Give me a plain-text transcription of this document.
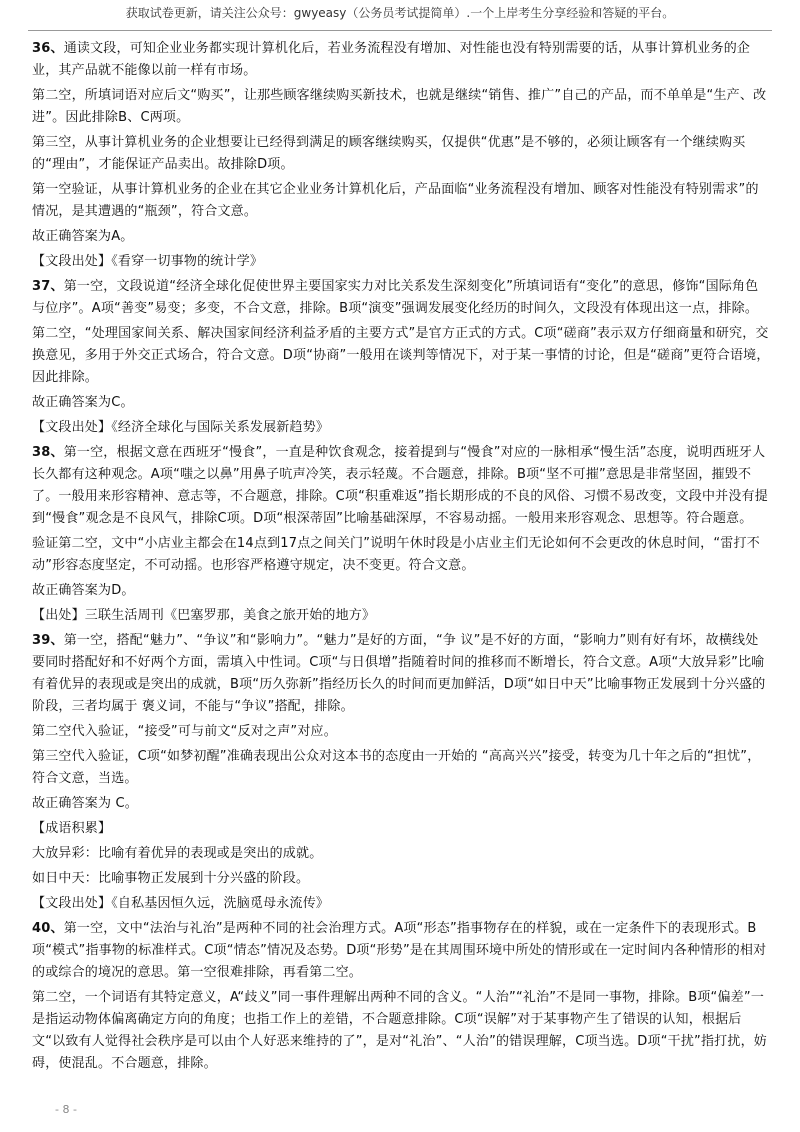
获取试卷更新，请关注公众号：gwyeasy（公务员考试提简单）.一个上岸考生分享经验和答疑的平台。

36、通读文段，可知企业业务都实现计算机化后，若业务流程没有增加、对性能也没有特别需要的话，从事计算机业务的企业，其产品就不能像以前一样有市场。

第二空，所填词语对应后文“购买”，让那些顾客继续购买新技术，也就是继续“销售、推广”自己的产品，而不单单是“生产、改进”。因此排除B、C两项。

第三空，从事计算机业务的企业想要让已经得到满足的顾客继续购买，仅提供“优惠”是不够的，必须让顾客有一个继续购买的“理由”，才能保证产品卖出。故排除D项。

第一空验证，从事计算机业务的企业在其它企业业务计算机化后，产品面临“业务流程没有增加、顾客对性能没有特别需求”的情况，是其遭遇的“瓶颈”，符合文意。

故正确答案为A。

【文段出处】《看穿一切事物的统计学》

37、第一空，文段说道“经济全球化促使世界主要国家实力对比关系发生深刻变化”所填词语有“变化”的意思，修饰“国际角色与位序”。A项“善变”易变；多变，不合文意，排除。B项“演变”强调发展变化经历的时间久，文段没有体现出这一点，排除。

第二空，“处理国家间关系、解决国家间经济利益矛盾的主要方式”是官方正式的方式。C项“磋商”表示双方仔细商量和研究，交换意见，多用于外交正式场合，符合文意。D项“协商”一般用在谈判等情况下，对于某一事情的讨论，但是“磋商”更符合语境，因此排除。

故正确答案为C。

【文段出处】《经济全球化与国际关系发展新趋势》

38、第一空，根据文意在西班牙“慢食”，一直是种饮食观念，接着提到与“慢食”对应的一脉相承“慢生活”态度，说明西班牙人长久都有这种观念。A项“嗤之以鼻”用鼻子吭声冷笑，表示轻蔑。不合题意，排除。B项“坚不可摧”意思是非常坚固，摧毁不了。一般用来形容精神、意志等，不合题意，排除。C项“积重难返”指长期形成的不良的风俗、习惯不易改变，文段中并没有提到“慢食”观念是不良风气，排除C项。D项“根深蒂固”比喻基础深厚，不容易动摇。一般用来形容观念、思想等。符合题意。

验证第二空，文中“小店业主都会在14点到17点之间关门”说明午休时段是小店业主们无论如何不会更改的休息时间，“雷打不动”形容态度坚定，不可动摇。也形容严格遵守规定，决不变更。符合文意。

故正确答案为D。

【出处】三联生活周刊《巴塞罗那，美食之旅开始的地方》

39、第一空，搭配“魅力”、“争议”和“影响力”。“魅力”是好的方面，“争 议”是不好的方面，“影响力”则有好有坏，故横线处要同时搭配好和不好两个方面，需填入中性词。C项“与日俱增”指随着时间的推移而不断增长，符合文意。A项“大放异彩”比喻有着优异的表现或是突出的成就，B项“历久弥新”指经历长久的时间而更加鲜活，D项“如日中天”比喻事物正发展到十分兴盛的阶段，三者均属于 褒义词，不能与“争议”搭配，排除。

第二空代入验证，“接受”可与前文“反对之声”对应。

第三空代入验证，C项“如梦初醒”准确表现出公众对这本书的态度由一开始的 “高高兴兴”接受，转变为几十年之后的“担忧”，符合文意，当选。

故正确答案为 C。

【成语积累】

大放异彩：比喻有着优异的表现或是突出的成就。

如日中天：比喻事物正发展到十分兴盛的阶段。

【文段出处】《自私基因恒久远，洗脑觅母永流传》

40、第一空，文中“法治与礼治”是两种不同的社会治理方式。A项“形态”指事物存在的样貌，或在一定条件下的表现形式。B项“模式”指事物的标准样式。C项“情态”情况及态势。D项“形势”是在其周围环境中所处的情形或在一定时间内各种情形的相对的或综合的境况的意思。第一空很难排除，再看第二空。

第二空，一个词语有其特定意义，A“歧义”同一事件理解出两种不同的含义。“人治”“礼治”不是同一事物，排除。B项“偏差”一是指运动物体偏离确定方向的角度；也指工作上的差错，不合题意排除。C项“误解”对于某事物产生了错误的认知，根据后文“以致有人觉得社会秩序是可以由个人好恶来维持的了”，是对“礼治”、“人治”的错误理解，C项当选。D项“干扰”指打扰，妨碍，使混乱。不合题意，排除。

- 8 -
